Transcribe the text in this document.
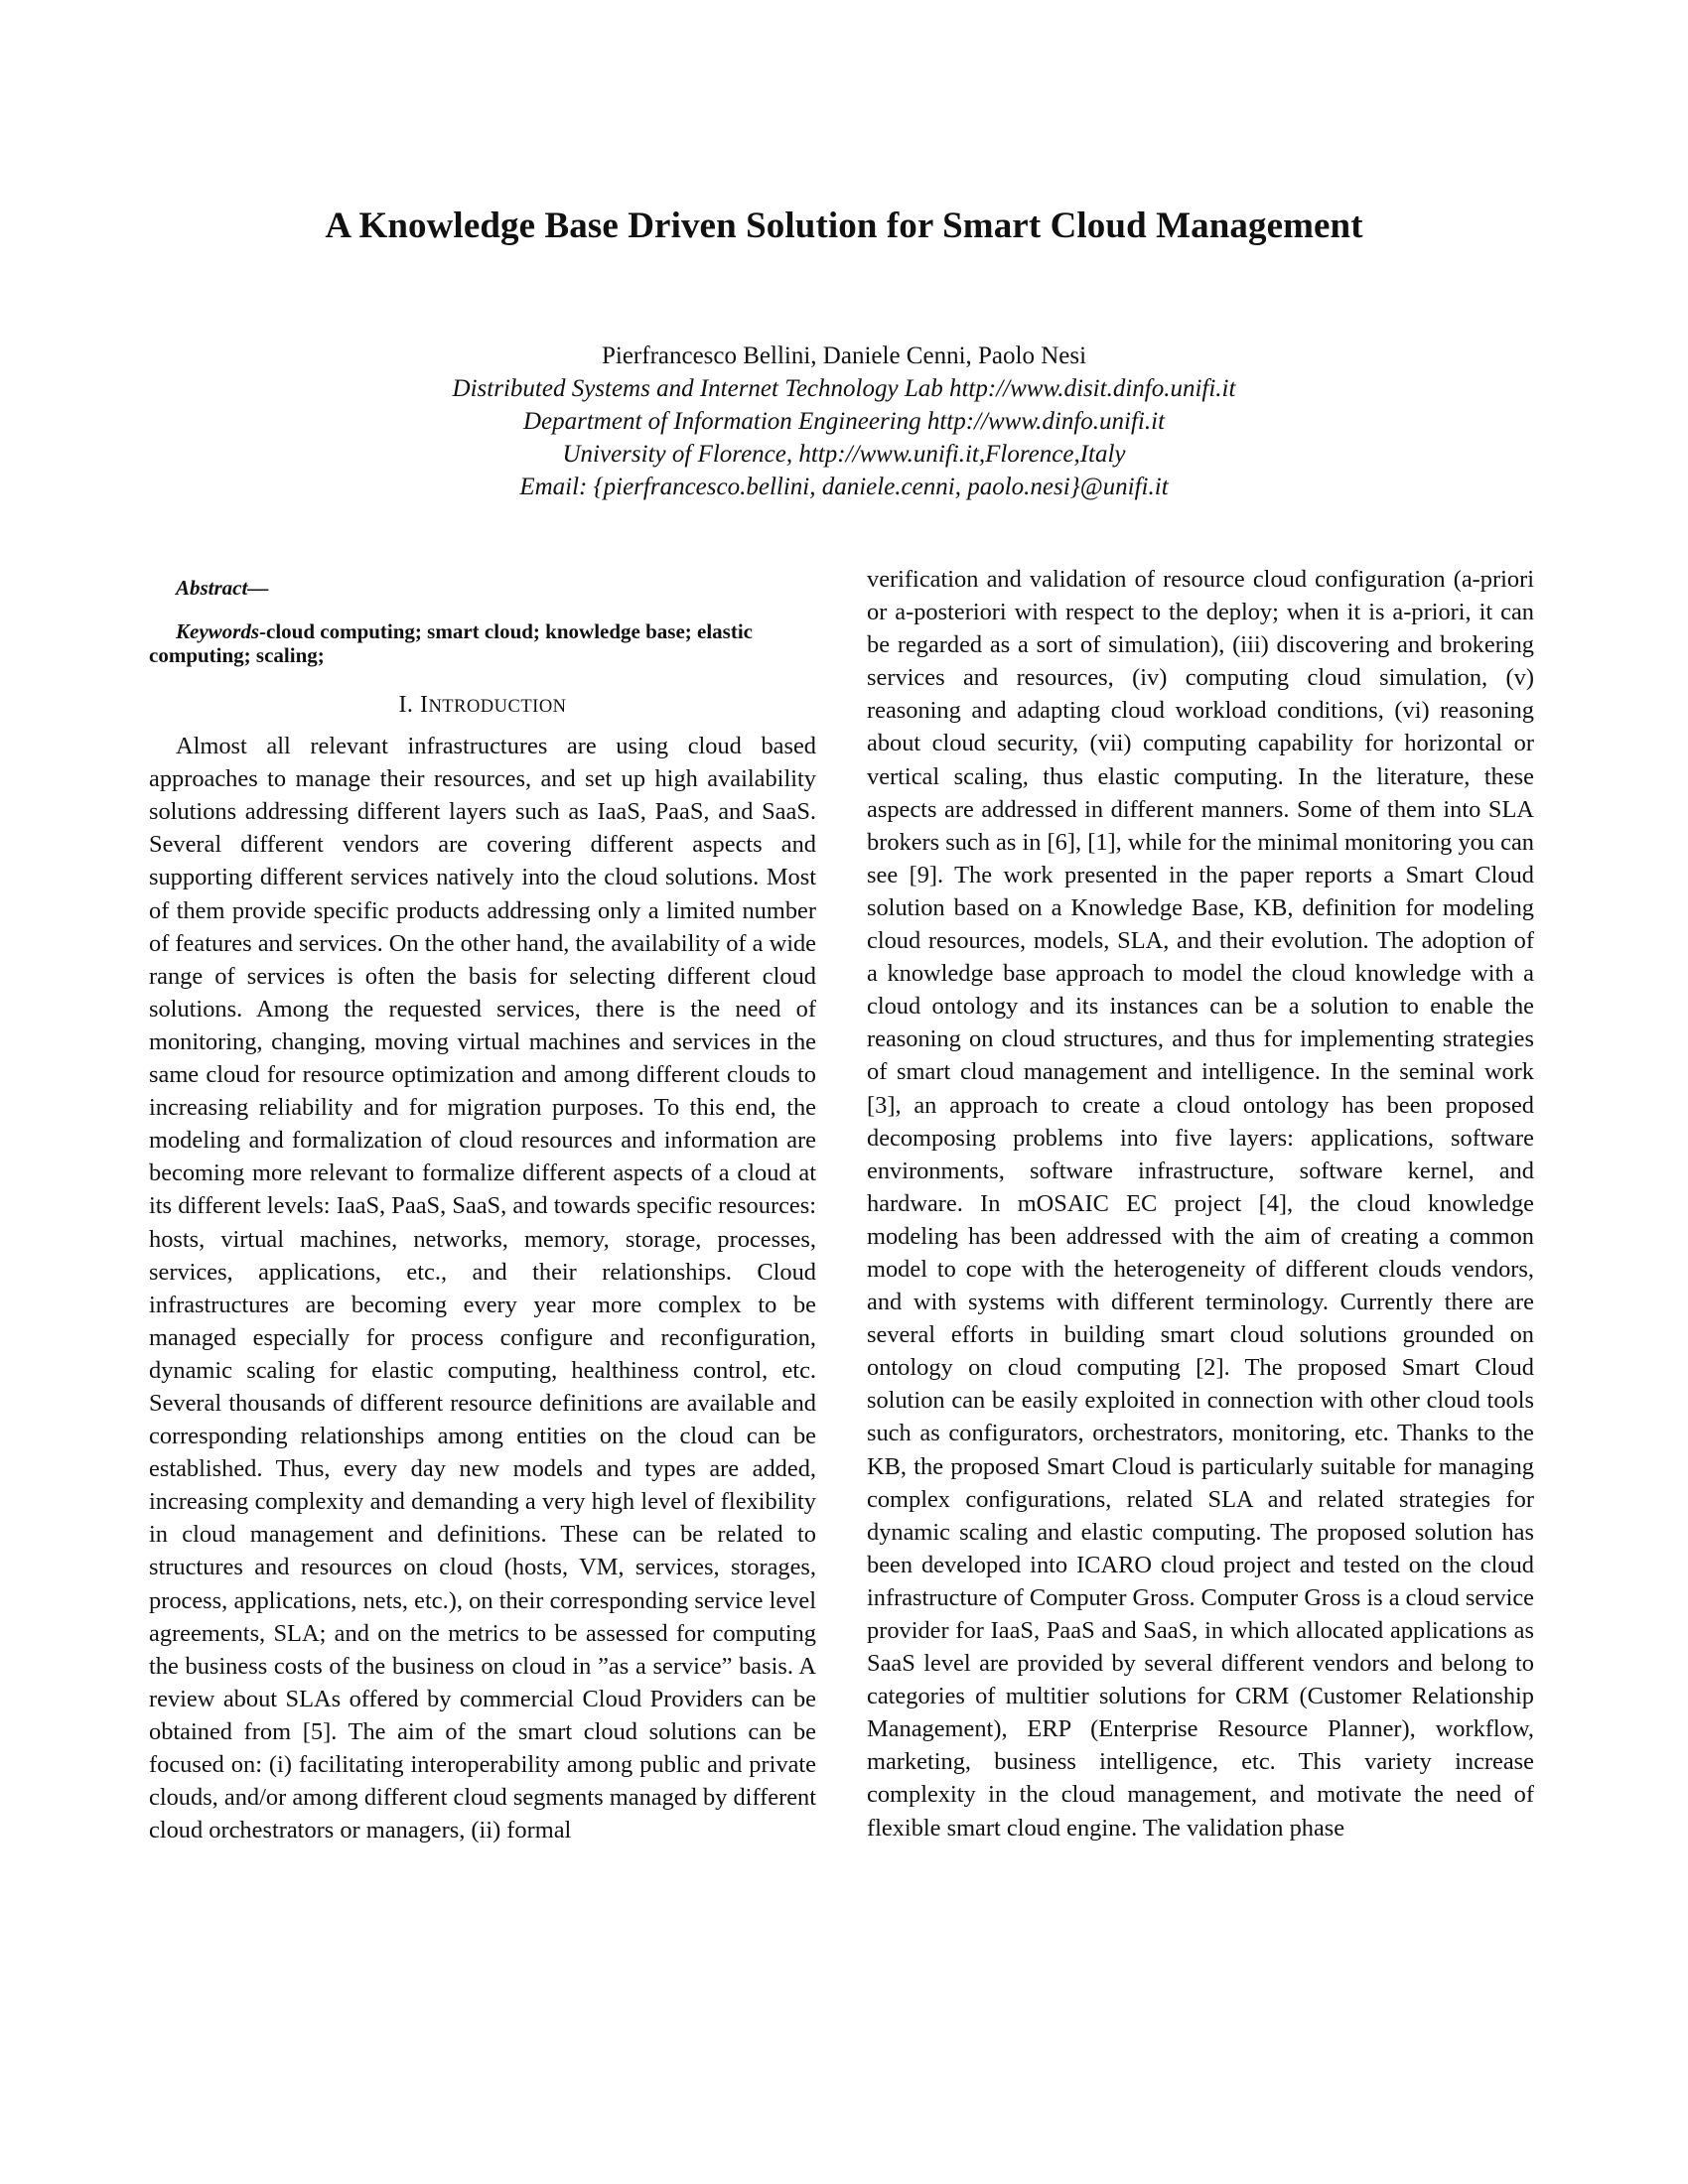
A Knowledge Base Driven Solution for Smart Cloud Management
Pierfrancesco Bellini, Daniele Cenni, Paolo Nesi
Distributed Systems and Internet Technology Lab http://www.disit.dinfo.unifi.it
Department of Information Engineering http://www.dinfo.unifi.it
University of Florence, http://www.unifi.it,Florence,Italy
Email: {pierfrancesco.bellini, daniele.cenni, paolo.nesi}@unifi.it
Abstract—
Keywords-cloud computing; smart cloud; knowledge base; elastic computing; scaling;
I. INTRODUCTION

Almost all relevant infrastructures are using cloud based approaches to manage their resources, and set up high availability solutions addressing different layers such as IaaS, PaaS, and SaaS. Several different vendors are covering different aspects and supporting different services natively into the cloud solutions. Most of them provide specific products addressing only a limited number of features and services. On the other hand, the availability of a wide range of services is often the basis for selecting different cloud solutions. Among the requested services, there is the need of monitoring, changing, moving virtual machines and services in the same cloud for resource optimization and among different clouds to increasing reliability and for migration purposes. To this end, the modeling and formalization of cloud resources and information are becoming more relevant to formalize different aspects of a cloud at its different levels: IaaS, PaaS, SaaS, and towards specific resources: hosts, virtual machines, networks, memory, storage, processes, services, applications, etc., and their relationships. Cloud infrastructures are becoming every year more complex to be managed especially for process configure and reconfiguration, dynamic scaling for elastic computing, healthiness control, etc. Several thousands of different resource definitions are available and corresponding relationships among entities on the cloud can be established. Thus, every day new models and types are added, increasing complexity and demanding a very high level of flexibility in cloud management and definitions. These can be related to structures and resources on cloud (hosts, VM, services, storages, process, applications, nets, etc.), on their corresponding service level agreements, SLA; and on the metrics to be assessed for computing the business costs of the business on cloud in ”as a service” basis. A review about SLAs offered by commercial Cloud Providers can be obtained from [5]. The aim of the smart cloud solutions can be focused on: (i) facilitating interoperability among public and private clouds, and/or among different cloud segments managed by different cloud orchestrators or managers, (ii) formal

verification and validation of resource cloud configuration (a-priori or a-posteriori with respect to the deploy; when it is a-priori, it can be regarded as a sort of simulation), (iii) discovering and brokering services and resources, (iv) computing cloud simulation, (v) reasoning and adapting cloud workload conditions, (vi) reasoning about cloud security, (vii) computing capability for horizontal or vertical scaling, thus elastic computing. In the literature, these aspects are addressed in different manners. Some of them into SLA brokers such as in [6], [1], while for the minimal monitoring you can see [9]. The work presented in the paper reports a Smart Cloud solution based on a Knowledge Base, KB, definition for modeling cloud resources, models, SLA, and their evolution. The adoption of a knowledge base approach to model the cloud knowledge with a cloud ontology and its instances can be a solution to enable the reasoning on cloud structures, and thus for implementing strategies of smart cloud management and intelligence. In the seminal work [3], an approach to create a cloud ontology has been proposed decomposing problems into five layers: applications, software environments, software infrastructure, software kernel, and hardware. In mOSAIC EC project [4], the cloud knowledge modeling has been addressed with the aim of creating a common model to cope with the heterogeneity of different clouds vendors, and with systems with different terminology. Currently there are several efforts in building smart cloud solutions grounded on ontology on cloud computing [2]. The proposed Smart Cloud solution can be easily exploited in connection with other cloud tools such as configurators, orchestrators, monitoring, etc. Thanks to the KB, the proposed Smart Cloud is particularly suitable for managing complex configurations, related SLA and related strategies for dynamic scaling and elastic computing. The proposed solution has been developed into ICARO cloud project and tested on the cloud infrastructure of Computer Gross. Computer Gross is a cloud service provider for IaaS, PaaS and SaaS, in which allocated applications as SaaS level are provided by several different vendors and belong to categories of multitier solutions for CRM (Customer Relationship Management), ERP (Enterprise Resource Planner), workflow, marketing, business intelligence, etc. This variety increase complexity in the cloud management, and motivate the need of flexible smart cloud engine. The validation phase
